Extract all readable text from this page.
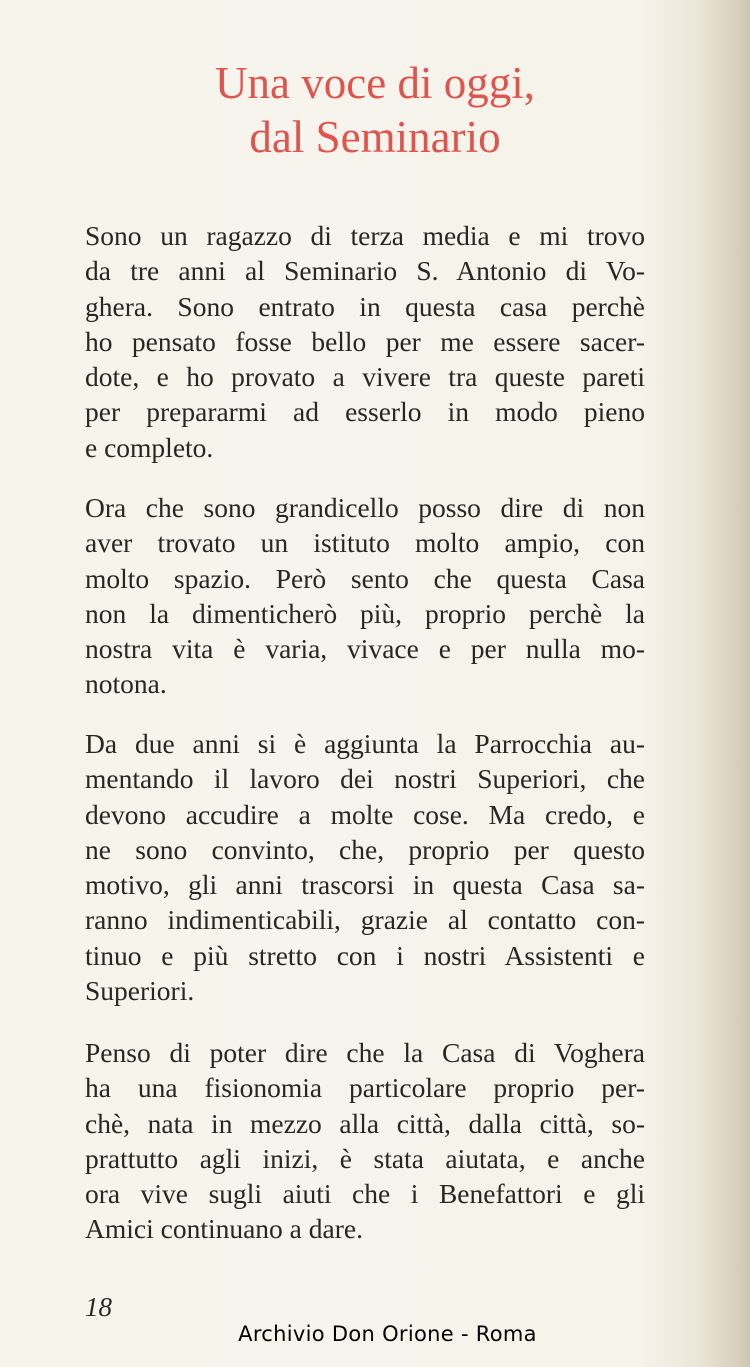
Una voce di oggi,
dal Seminario
Sono un ragazzo di terza media e mi trovo
da tre anni al Seminario S. Antonio di Vo-
ghera. Sono entrato in questa casa perchè
ho pensato fosse bello per me essere sacer-
dote, e ho provato a vivere tra queste pareti
per prepararmi ad esserlo in modo pieno
e completo.
Ora che sono grandicello posso dire di non
aver trovato un istituto molto ampio, con
molto spazio. Però sento che questa Casa
non la dimenticherò più, proprio perchè la
nostra vita è varia, vivace e per nulla mo-
notona.
Da due anni si è aggiunta la Parrocchia au-
mentando il lavoro dei nostri Superiori, che
devono accudire a molte cose. Ma credo, e
ne sono convinto, che, proprio per questo
motivo, gli anni trascorsi in questa Casa sa-
ranno indimenticabili, grazie al contatto con-
tinuo e più stretto con i nostri Assistenti e
Superiori.
Penso di poter dire che la Casa di Voghera
ha una fisionomia particolare proprio per-
chè, nata in mezzo alla città, dalla città, so-
prattutto agli inizi, è stata aiutata, e anche
ora vive sugli aiuti che i Benefattori e gli
Amici continuano a dare.
18
Archivio Don Orione - Roma
